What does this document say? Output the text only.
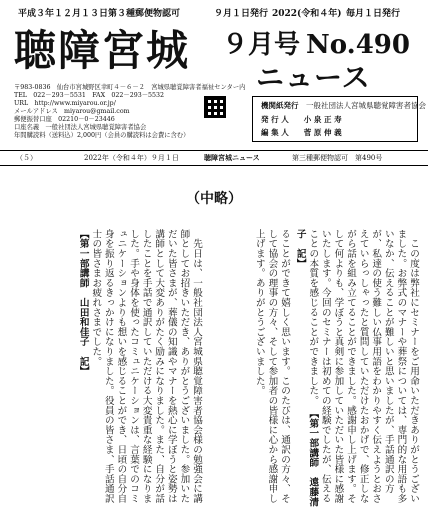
平成３年１２月１３日第３種郵便物認可	９月１日発行 2022(令和４年) 毎月１日発行
聴障宮城 ９月号 No.490
ニュース
〒983-0836　仙台市宮城野区幸町４－６－２　宮城県聴覚障害者福祉センター内
TEL　022－293－5531　FAX　022－293－5532
URL　http://www.miyarou.or.jp/
メールアドレス　miyarou@gmail.com
郵便振替口座　02210－0－23446
口座名義　一般社団法人宮城県聴覚障害者協会
年間購読料（送料込）2,000円（会員の購読料は会費に含む）
機関紙発行　 一般社団法人宮城県聴覚障害者協会
発 行 人　　 小 泉 正 寿
編 集 人　　 菅 原 伸 義
（５）	2022年（令和４年）９月１日	聴障宮城ニュース	第三種郵便物認可　第490号
（中略）
　この度は弊社にセミナーをご用命いただきありがとうございました。お弊式のマナーや葬祭については、専門的な用語も多いなか、伝えることが難しいと思いましたが、手話通訳の方が、私達の使う難しい仏事用語をわかりやすく伝えようとおさえていらっしゃったと質問していただけたおかげで、修正しながら話を組み立てることができました。感謝申し上げます。そして何よりも、学ぼうと真剣に参加していただいた皆様に感謝いたします。今回のセミナーは初めての経験でしたが、伝えることの本質を感じることができました。 【第一部講師　遠藤清子　記】
ることができて嬉しく思います。このたびは、通訳の方々、そして協会の理事の方々、そして参加者の皆様に心から感謝申し上げます。ありがとうございました。
　先日は、一般社団法人宮城県聴覚障害者協会様の勉強会に講師としてお招きいただき、ありがとうございました。参加いただいた皆さまが、葬儀の知識やマナーを熱心に学ぼうと姿勢は講師として大変ありがたく励みになりました。また、自分が話したことを手話で通訳していただける大変貴重な経験になりました。手や身体を使ったコミュニケーションは、言葉でのコミュニケーションよりも想いを感じることができ、日頃の自分自身を振り返るきっかけになりました。役員の皆さま、手話通訳士の皆さまお疲れさまでした。 【第一部講師　山田和佳子　記】
